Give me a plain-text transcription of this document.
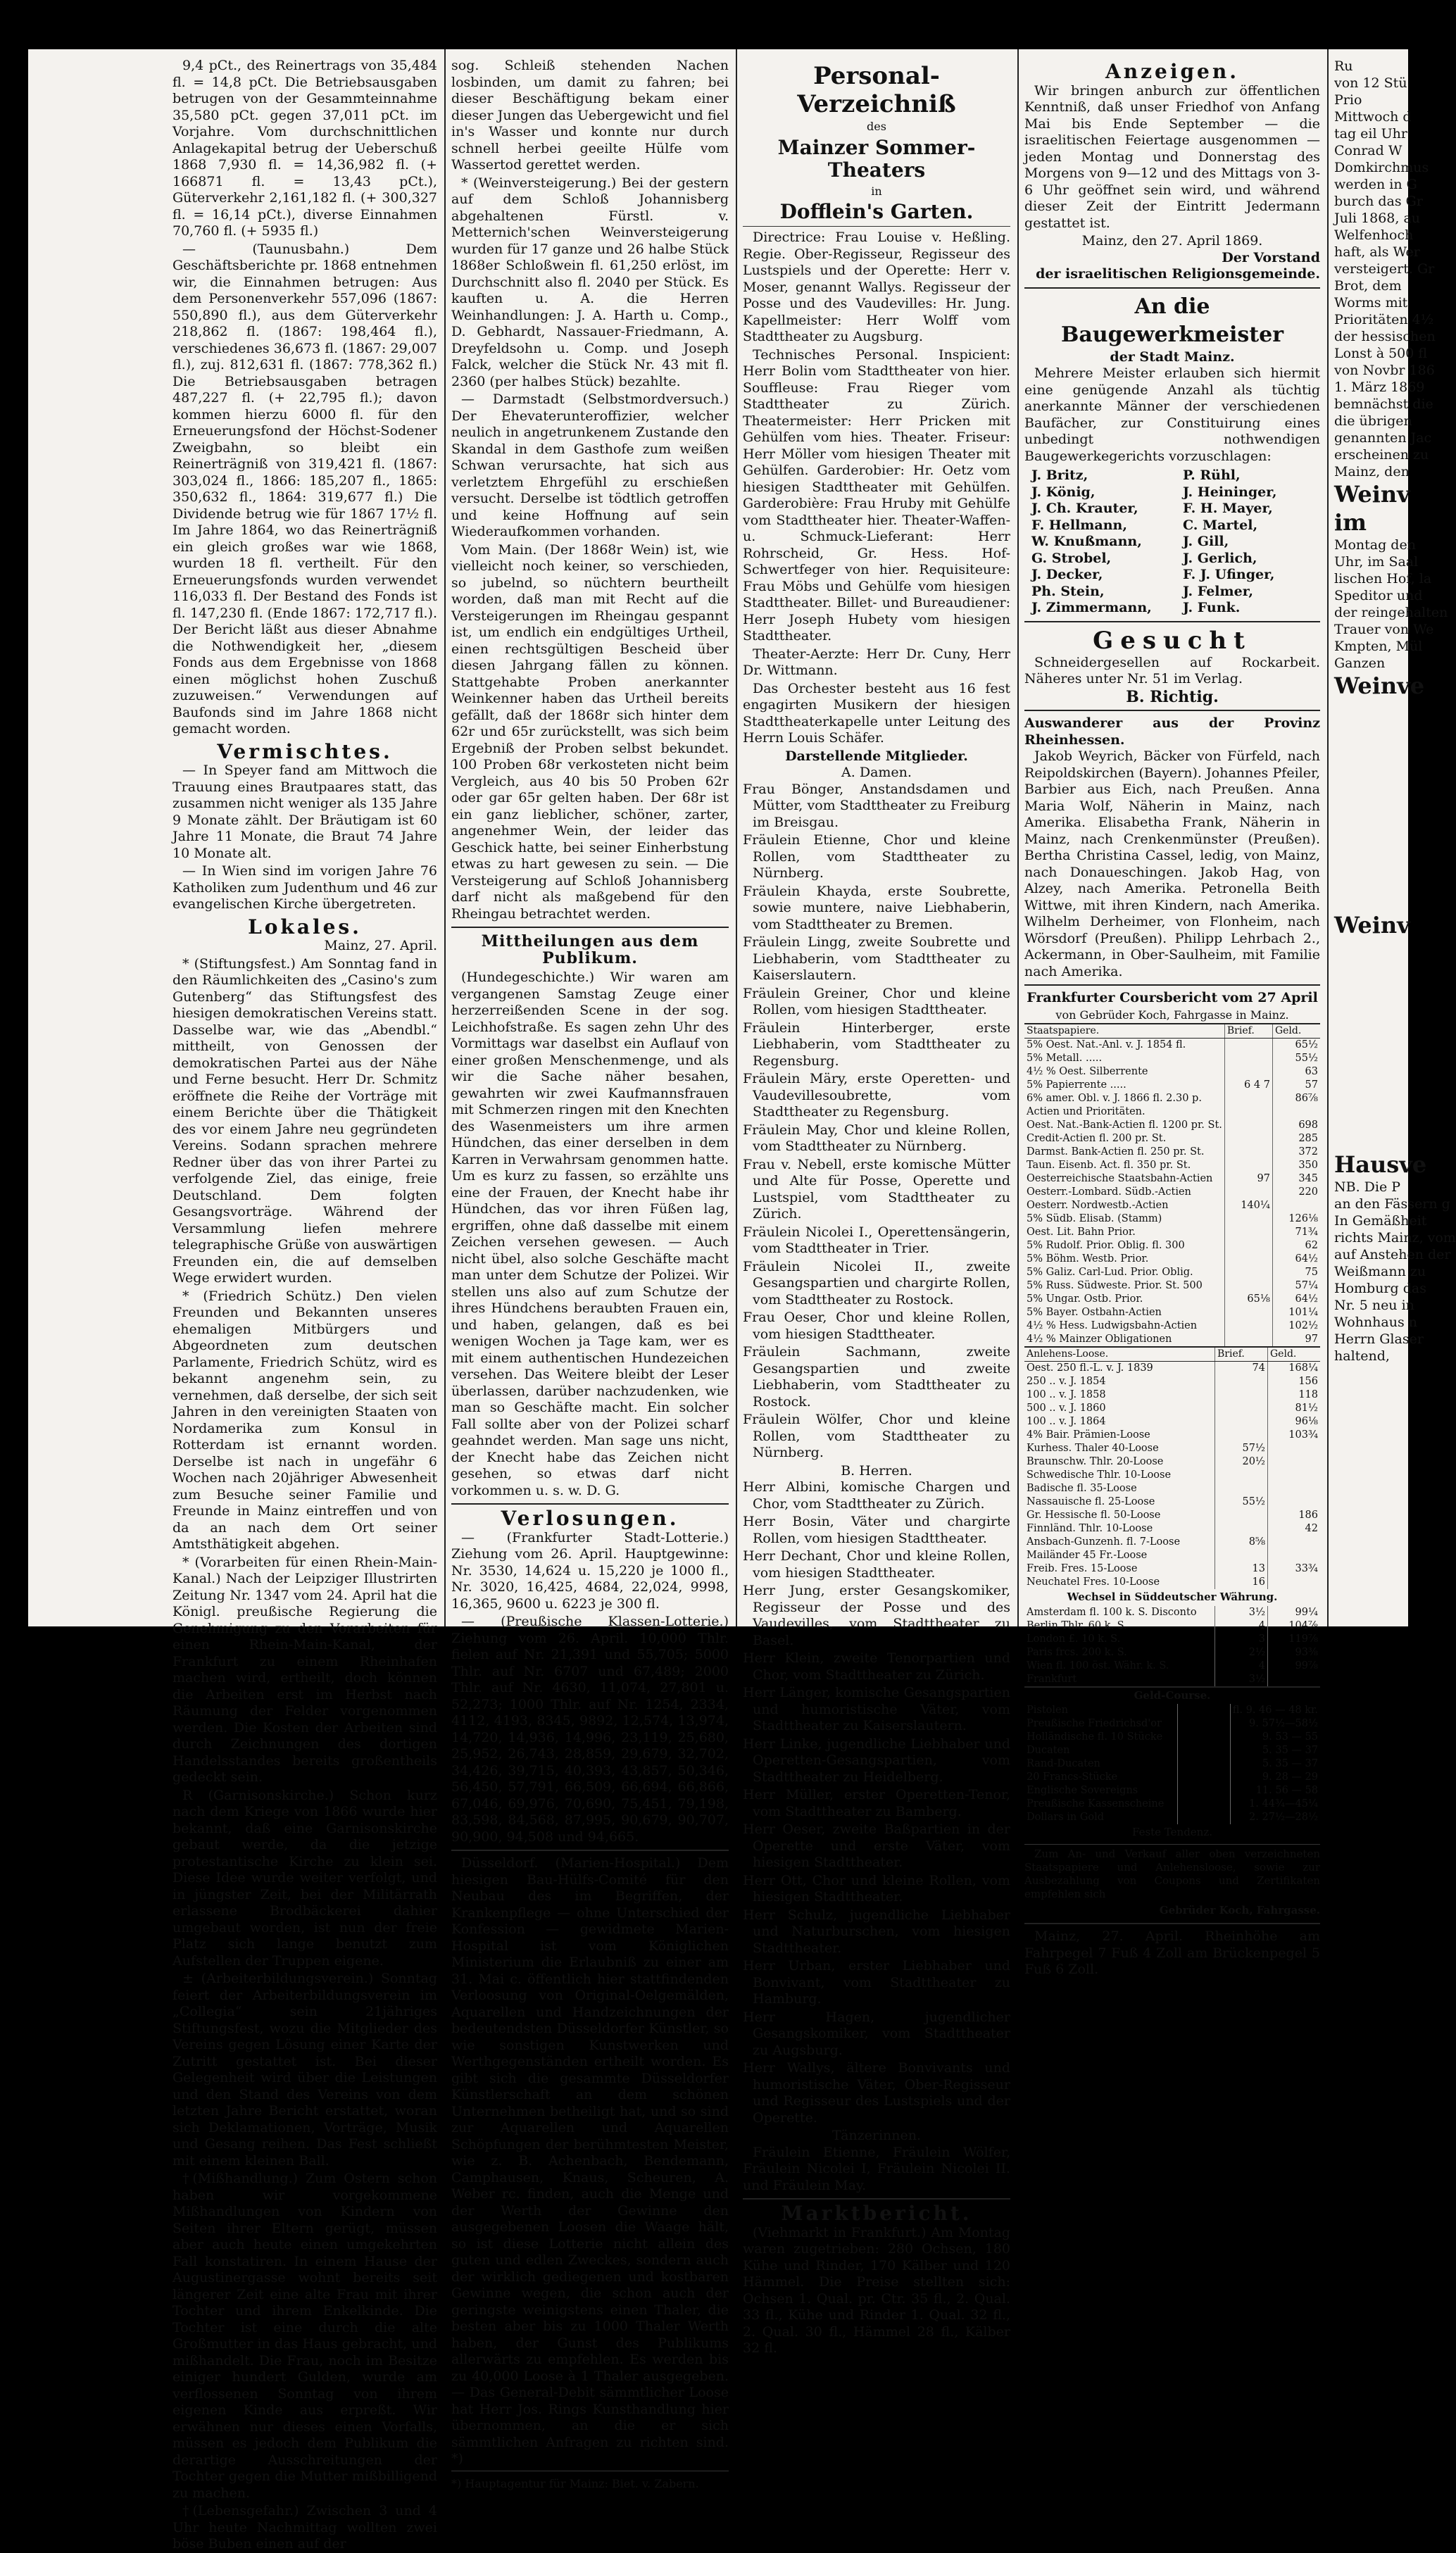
9,4 pCt., des Reinertrags von 35,484 fl. = 14,8 pCt. Die Betriebsausgaben betrugen von der Gesammteinnahme 35,580 pCt. gegen 37,011 pCt. im Vorjahre. Vom durchschnittlichen Anlagekapital betrug der Ueberschuß 1868 7,930 fl. = 14,36,982 fl. (+ 166871 fl. = 13,43 pCt.), Güterverkehr 2,161,182 fl. (+ 300,327 fl. = 16,14 pCt.), diverse Einnahmen 70,760 fl. (+ 5935 fl.)

— (Taunusbahn.) Dem Geschäftsberichte pr. 1868 entnehmen wir, die Einnahmen betrugen: Aus dem Personenverkehr 557,096 (1867: 550,890 fl.), aus dem Güterverkehr 218,862 fl. (1867: 198,464 fl.), verschiedenes 36,673 fl. (1867: 29,007 fl.), zuj. 812,631 fl. (1867: 778,362 fl.) Die Betriebsausgaben betragen 487,227 fl. (+ 22,795 fl.); davon kommen hierzu 6000 fl. für den Erneuerungsfond der Höchst-Sodener Zweigbahn, so bleibt ein Reinerträgniß von 319,421 fl. (1867: 303,024 fl., 1866: 185,207 fl., 1865: 350,632 fl., 1864: 319,677 fl.) Die Dividende betrug wie für 1867 17½ fl. Im Jahre 1864, wo das Reinerträgniß ein gleich großes war wie 1868, wurden 18 fl. vertheilt. Für den Erneuerungsfonds wurden verwendet 116,033 fl. Der Bestand des Fonds ist fl. 147,230 fl. (Ende 1867: 172,717 fl.). Der Bericht läßt aus dieser Abnahme die Nothwendigkeit her, „diesem Fonds aus dem Ergebnisse von 1868 einen möglichst hohen Zuschuß zuzuweisen.“ Verwendungen auf Baufonds sind im Jahre 1868 nicht gemacht worden.

Vermischtes.

— In Speyer fand am Mittwoch die Trauung eines Brautpaares statt, das zusammen nicht weniger als 135 Jahre 9 Monate zählt. Der Bräutigam ist 60 Jahre 11 Monate, die Braut 74 Jahre 10 Monate alt.

— In Wien sind im vorigen Jahre 76 Katholiken zum Judenthum und 46 zur evangelischen Kirche übergetreten.

Lokales.
Mainz, 27. April.

* (Stiftungsfest.) Am Sonntag fand in den Räumlichkeiten des „Casino's zum Gutenberg“ das Stiftungsfest des hiesigen demokratischen Vereins statt. Dasselbe war, wie das „Abendbl.“ mittheilt, von Genossen der demokratischen Partei aus der Nähe und Ferne besucht. Herr Dr. Schmitz eröffnete die Reihe der Vorträge mit einem Berichte über die Thätigkeit des vor einem Jahre neu gegründeten Vereins. Sodann sprachen mehrere Redner über das von ihrer Partei zu verfolgende Ziel, das einige, freie Deutschland. Dem folgten Gesangsvorträge. Während der Versammlung liefen mehrere telegraphische Grüße von auswärtigen Freunden ein, die auf demselben Wege erwidert wurden.

* (Friedrich Schütz.) Den vielen Freunden und Bekannten unseres ehemaligen Mitbürgers und Abgeordneten zum deutschen Parlamente, Friedrich Schütz, wird es bekannt angenehm sein, zu vernehmen, daß derselbe, der sich seit Jahren in den vereinigten Staaten von Nordamerika zum Konsul in Rotterdam ist ernannt worden. Derselbe ist nach in ungefähr 6 Wochen nach 20jähriger Abwesenheit zum Besuche seiner Familie und Freunde in Mainz eintreffen und von da an nach dem Ort seiner Amtsthätigkeit abgehen.

* (Vorarbeiten für einen Rhein-Main-Kanal.) Nach der Leipziger Illustrirten Zeitung Nr. 1347 vom 24. April hat die Königl. preußische Regierung die Genehmigung zu den Vorarbeiten für einen Rhein-Main-Kanal, der Frankfurt zu einem Rheinhafen machen wird, ertheilt, doch können die Arbeiten erst im Herbst nach Räumung der Felder vorgenommen werden. Die Kosten der Arbeiten sind durch Zeichnungen des dortigen Handelsstandes bereits großentheils gedeckt sein.

R (Garnisonskirche.) Schon kurz nach dem Kriege von 1866 wurde hier bekannt, daß eine Garnisonskirche gebaut werde, da die jetzige protestantische Kirche zu klein sei. Diese Idee wurde weiter verfolgt, und in jüngster Zeit, bei der Militärrath erlassene Brodbäckerei dahier umgebaut worden, ist nun der freie Platz sich lange benutzt zum Aufstellen der Truppen eigene.

± (Arbeiterbildungsverein.) Sonntag feiert der Arbeiterbildungsverein im „Collegia“ sein 21jähriges Stiftungsfest, wozu die Mitglieder des Vereins gegen Lösung einer Karte der Zutritt gestattet ist. Bei dieser Gelegenheit wird über die Leistungen und den Stand des Vereins von dem letzten Jahre Bericht erstattet, woran sich Deklamationen, Vorträge, Musik und Gesang reihen. Das Fest schließt mit einem kleinen Ball.

†(Mißhandlung.) Zum Ostern schon haben wir vorgekommene Mißhandlungen von Kindern von Seiten ihrer Eltern gerügt, müssen aber auch heute einen umgekehrten Fall konstatiren. In einem Hause der Augustinergasse wohnt bereits seit längerer Zeit eine alte Frau mit ihrer Tochter und ihrem Enkelkinde. Die Tochter ist eine durch die alte Großmutter in das Haus gebracht, und mißhandelt. Die Frau, noch im Besitze einiger hundert Gulden, wurde am verflossenen Sonntag von ihrem eigenen Kinde aus erpreßt. Wir erwähnen nur dieses einen Vorfalls, müssen es jedoch dem Publikum die derartige Ausschreitungen der Tochter gegen die Mutter mißbilligend zu machen.

†(Lebensgefahr.) Zwischen 3 und 4 Uhr heute Nachmittag wollten zwei böse Buben einen auf der

sog. Schleiß stehenden Nachen losbinden, um damit zu fahren; bei dieser Beschäftigung bekam einer dieser Jungen das Uebergewicht und fiel in's Wasser und konnte nur durch schnell herbei geeilte Hülfe vom Wassertod gerettet werden.

* (Weinversteigerung.) Bei der gestern auf dem Schloß Johannisberg abgehaltenen Fürstl. v. Metternich'schen Weinversteigerung wurden für 17 ganze und 26 halbe Stück 1868er Schloßwein fl. 61,250 erlöst, im Durchschnitt also fl. 2040 per Stück. Es kauften u. A. die Herren Weinhandlungen: J. A. Harth u. Comp., D. Gebhardt, Nassauer-Friedmann, A. Dreyfeldsohn u. Comp. und Joseph Falck, welcher die Stück Nr. 43 mit fl. 2360 (per halbes Stück) bezahlte.

— Darmstadt (Selbstmordversuch.) Der Ehevaterunteroffizier, welcher neulich in angetrunkenem Zustande den Skandal in dem Gasthofe zum weißen Schwan verursachte, hat sich aus verletztem Ehrgefühl zu erschießen versucht. Derselbe ist tödtlich getroffen und keine Hoffnung auf sein Wiederaufkommen vorhanden.

Vom Main. (Der 1868r Wein) ist, wie vielleicht noch keiner, so verschieden, so jubelnd, so nüchtern beurtheilt worden, daß man mit Recht auf die Versteigerungen im Rheingau gespannt ist, um endlich ein endgültiges Urtheil, einen rechtsgültigen Bescheid über diesen Jahrgang fällen zu können. Stattgehabte Proben anerkannter Weinkenner haben das Urtheil bereits gefällt, daß der 1868r sich hinter dem 62r und 65r zurückstellt, was sich beim Ergebniß der Proben selbst bekundet. 100 Proben 68r verkosteten nicht beim Vergleich, aus 40 bis 50 Proben 62r oder gar 65r gelten haben. Der 68r ist ein ganz lieblicher, schöner, zarter, angenehmer Wein, der leider das Geschick hatte, bei seiner Einherbstung etwas zu hart gewesen zu sein. — Die Versteigerung auf Schloß Johannisberg darf nicht als maßgebend für den Rheingau betrachtet werden.

Mittheilungen aus dem Publikum.

(Hundegeschichte.) Wir waren am vergangenen Samstag Zeuge einer herzerreißenden Scene in der sog. Leichhofstraße. Es sagen zehn Uhr des Vormittags war daselbst ein Auflauf von einer großen Menschenmenge, und als wir die Sache näher besahen, gewahrten wir zwei Kaufmannsfrauen mit Schmerzen ringen mit den Knechten des Wasenmeisters um ihre armen Hündchen, das einer derselben in dem Karren in Verwahrsam genommen hatte. Um es kurz zu fassen, so erzählte uns eine der Frauen, der Knecht habe ihr Hündchen, das vor ihren Füßen lag, ergriffen, ohne daß dasselbe mit einem Zeichen versehen gewesen. — Auch nicht übel, also solche Geschäfte macht man unter dem Schutze der Polizei. Wir stellen uns also auf zum Schutze der ihres Hündchens beraubten Frauen ein, und haben, gelangen, daß es bei wenigen Wochen ja Tage kam, wer es mit einem authentischen Hundezeichen versehen. Das Weitere bleibt der Leser überlassen, darüber nachzudenken, wie man so Geschäfte macht. Ein solcher Fall sollte aber von der Polizei scharf geahndet werden. Man sage uns nicht, der Knecht habe das Zeichen nicht gesehen, so etwas darf nicht vorkommen u. s. w. D. G.

Verlosungen.

— (Frankfurter Stadt-Lotterie.) Ziehung vom 26. April. Hauptgewinne: Nr. 3530, 14,624 u. 15,220 je 1000 fl., Nr. 3020, 16,425, 4684, 22,024, 9998, 16,365, 9600 u. 6223 je 300 fl.

— (Preußische Klassen-Lotterie.) Ziehung vom 26. April. 10,000 Thlr. fielen auf Nr. 21,391 und 55,705; 5000 Thlr. auf Nr. 6707 und 67,489; 2000 Thlr. auf Nr. 4630, 11,074, 27,801 u. 52,273; 1000 Thlr. auf Nr. 1254, 2334, 4112, 4193, 8345, 9892, 12,574, 13,974, 14,720, 14,936, 14,996, 23,119, 25,680, 25,952, 26,743, 28,859, 29,679, 32,702, 34,426, 39,715, 40,393, 43,857, 50,346, 56,450, 57,791, 66,509, 66,694, 66,866, 67,046, 69,976, 70,690, 75,451, 79,198, 83,598, 84,568, 87,995, 90,679, 90,707, 90,900, 94,508 und 94,665.

Düsseldorf. (Marien-Hospital.) Dem hiesigen Bau-Hülfs-Comité für den Neubau des im Begriffen, der Krankenpflege — ohne Unterschied der Konfession — gewidmete Marien-Hospital ist vom Königlichen Ministerium die Erlaubniß zu einer am 31. Mai c. öffentlich hier stattfindenden Verloosung von Original-Oelgemälden, Aquarellen und Handzeichnungen der bedeutendsten Düsseldorfer Künstler, so wie sonstigen Kunstwerken und Werthgegenständen ertheilt worden. Es gibt sich die gesammte Düsseldorfer Künstlerschaft an dem schönen Unternehmen betheiligt hat, und so sind zur Aquarellen und Aquarellen Schöpfungen der berühmtesten Meister, wie z. B. Achenbach, Bendemann, Camphausen, Knaus, Scheuren, A. Weber rc. finden, auch die Menge und der Werth der Gewinne den ausgegebenen Loosen die Waage hält, so ist diese Lotterie nicht allein des guten und edlen Zweckes, sondern auch der wirklich gediegenen und kostbaren Gewinne wegen, die schon auch der geringste weinigstens einen Thaler, die besten aber bis zu 1000 Thaler Werth haben, der Gunst des Publikums allerwärts zu empfehlen. Es werden bis zu 40,000 Loose à 1 Thaler ausgegeben. — Das General-Debit sämmtlicher Loose hat Herr Jos. Rings Kunsthandlung hier übernommen, an die er sich sämmtlichen Anfragen zu richten sind. *)

*) Hauptagentur für Mainz: Biet. v. Zabern.
Personal-Verzeichniß
des
Mainzer Sommer-Theaters
in
Dofflein's Garten.

Directrice: Frau Louise v. Heßling. Regie. Ober-Regisseur, Regisseur des Lustspiels und der Operette: Herr v. Moser, genannt Wallys. Regisseur der Posse und des Vaudevilles: Hr. Jung. Kapellmeister: Herr Wolff vom Stadttheater zu Augsburg.

Technisches Personal. Inspicient: Herr Bolin vom Stadttheater von hier. Souffleuse: Frau Rieger vom Stadttheater zu Zürich. Theatermeister: Herr Pricken mit Gehülfen vom hies. Theater. Friseur: Herr Möller vom hiesigen Theater mit Gehülfen. Garderobier: Hr. Oetz vom hiesigen Stadttheater mit Gehülfen. Garderobière: Frau Hruby mit Gehülfe vom Stadttheater hier. Theater-Waffen- u. Schmuck-Lieferant: Herr Rohrscheid, Gr. Hess. Hof-Schwertfeger von hier. Requisiteure: Frau Möbs und Gehülfe vom hiesigen Stadttheater. Billet- und Bureaudiener: Herr Joseph Hubety vom hiesigen Stadttheater.

Theater-Aerzte: Herr Dr. Cuny, Herr Dr. Wittmann.

Das Orchester besteht aus 16 fest engagirten Musikern der hiesigen Stadttheaterkapelle unter Leitung des Herrn Louis Schäfer.

Darstellende Mitglieder.
A. Damen.

Frau Bönger, Anstandsdamen und Mütter, vom Stadttheater zu Freiburg im Breisgau.

Fräulein Etienne, Chor und kleine Rollen, vom Stadttheater zu Nürnberg.

Fräulein Khayda, erste Soubrette, sowie muntere, naive Liebhaberin, vom Stadttheater zu Bremen.

Fräulein Lingg, zweite Soubrette und Liebhaberin, vom Stadttheater zu Kaiserslautern.

Fräulein Greiner, Chor und kleine Rollen, vom hiesigen Stadttheater.

Fräulein Hinterberger, erste Liebhaberin, vom Stadttheater zu Regensburg.

Fräulein Märy, erste Operetten- und Vaudevillesoubrette, vom Stadttheater zu Regensburg.

Fräulein May, Chor und kleine Rollen, vom Stadttheater zu Nürnberg.

Frau v. Nebell, erste komische Mütter und Alte für Posse, Operette und Lustspiel, vom Stadttheater zu Zürich.

Fräulein Nicolei I., Operettensängerin, vom Stadttheater in Trier.

Fräulein Nicolei II., zweite Gesangspartien und chargirte Rollen, vom Stadttheater zu Rostock.

Frau Oeser, Chor und kleine Rollen, vom hiesigen Stadttheater.

Fräulein Sachmann, zweite Gesangspartien und zweite Liebhaberin, vom Stadttheater zu Rostock.

Fräulein Wölfer, Chor und kleine Rollen, vom Stadttheater zu Nürnberg.

B. Herren.

Herr Albini, komische Chargen und Chor, vom Stadttheater zu Zürich.

Herr Bosin, Väter und chargirte Rollen, vom hiesigen Stadttheater.

Herr Dechant, Chor und kleine Rollen, vom hiesigen Stadttheater.

Herr Jung, erster Gesangskomiker, Regisseur der Posse und des Vaudevilles, vom Stadttheater zu Basel.

Herr Klein, zweite Tenorpartien und Chor, vom Stadttheater zu Zürich.

Herr Länger, komische Gesangspartien und humoristische Väter, vom Stadttheater zu Kaiserslautern.

Herr Linke, jugendliche Liebhaber und Operetten-Gesangspartien, vom Stadttheater zu Heidelberg.

Herr Müller, erster Operetten-Tenor, vom Stadttheater zu Bamberg.

Herr Oeser, zweite Baßpartien in der Operette und erste Väter, vom hiesigen Stadttheater.

Herr Ott, Chor und kleine Rollen, vom hiesigen Stadttheater.

Herr Schulz, jugendliche Liebhaber und Naturburschen, vom hiesigen Stadttheater.

Herr Urban, erster Liebhaber und Bonvivant, vom Stadttheater zu Hamburg.

Herr Hagen, jugendlicher Gesangskomiker, vom Stadttheater zu Augsburg.

Herr Wallys, ältere Bonvivants und humoristische Väter, Ober-Regisseur und Regisseur des Lustspiels und der Operette.

Tänzerinnen.

Fräulein Etienne, Fräulein Wölfer, Fräulein Nicolei I, Fräulein Nicolei II. und Fräulein May.

Marktbericht.

(Viehmarkt in Frankfurt.) Am Montag waren zugetrieben: 280 Ochsen, 180 Kühe und Rinder, 170 Kälber und 120 Hämmel. Die Preise stellten sich: Ochsen 1. Qual. pr. Ctr. 35 fl., 2. Qual. 33 fl., Kühe und Rinder 1. Qual. 32 fl., 2. Qual. 30 fl., Hämmel 28 fl., Kälber 32 fl.

Anzeigen.

Wir bringen anburch zur öffentlichen Kenntniß, daß unser Friedhof von Anfang Mai bis Ende September — die israelitischen Feiertage ausgenommen — jeden Montag und Donnerstag des Morgens von 9—12 und des Mittags von 3-6 Uhr geöffnet sein wird, und während dieser Zeit der Eintritt Jedermann gestattet ist.

Mainz, den 27. April 1869.
Der Vorstand
der israelitischen Religionsgemeinde.
An die Baugewerkmeister
der Stadt Mainz.

Mehrere Meister erlauben sich hiermit eine genügende Anzahl als tüchtig anerkannte Männer der verschiedenen Baufächer, zur Constituirung eines unbedingt nothwendigen Baugewerkegerichts vorzuschlagen:

J. Britz,	P. Rühl,
J. König,	J. Heininger,
J. Ch. Krauter,	F. H. Mayer,
F. Hellmann,	C. Martel,
W. Knußmann,	J. Gill,
G. Strobel,	J. Gerlich,
J. Decker,	F. J. Ufinger,
Ph. Stein,	J. Felmer,
J. Zimmermann,	J. Funk.
Gesucht

Schneidergesellen auf Rockarbeit. Näheres unter Nr. 51 im Verlag.

B. Richtig.
Auswanderer aus der Provinz Rheinhessen.

Jakob Weyrich, Bäcker von Fürfeld, nach Reipoldskirchen (Bayern). Johannes Pfeiler, Barbier aus Eich, nach Preußen. Anna Maria Wolf, Näherin in Mainz, nach Amerika. Elisabetha Frank, Näherin in Mainz, nach Crenkenmünster (Preußen). Bertha Christina Cassel, ledig, von Mainz, nach Donaueschingen. Jakob Hag, von Alzey, nach Amerika. Petronella Beith Wittwe, mit ihren Kindern, nach Amerika. Wilhelm Derheimer, von Flonheim, nach Wörsdorf (Preußen). Philipp Lehrbach 2., Ackermann, in Ober-Saulheim, mit Familie nach Amerika.

Frankfurter Coursbericht vom 27 April
von Gebrüder Koch, Fahrgasse in Mainz.
Staatspapiere.	Brief.	Geld.
5% Oest. Nat.-Anl. v. J. 1854 fl.		65½
5% Metall. .....		55½
4½ % Oest. Silberrente		63
5% Papierrente .....	6 4 7	57
6% amer. Obl. v. J. 1866 fl. 2.30 p.		86⅞
Actien und Prioritäten.		
Oest. Nat.-Bank-Actien fl. 1200 pr. St.		698
Credit-Actien fl. 200 pr. St.		285
Darmst. Bank-Actien fl. 250 pr. St.		372
Taun. Eisenb. Act. fl. 350 pr. St.		350
Oesterreichische Staatsbahn-Actien	97	345
Oesterr.-Lombard. Südb.-Actien		220
Oesterr. Nordwestb.-Actien	140¼	
5% Südb. Elisab. (Stamm)		126⅛
Oest. Lit. Bahn Prior.		71¾
5% Rudolf. Prior. Oblig. fl. 300		62
5% Böhm. Westb. Prior.		64½
5% Galiz. Carl-Lud. Prior. Oblig.		75
5% Russ. Südweste. Prior. St. 500		57¼
5% Ungar. Ostb. Prior.	65⅛	64½
5% Bayer. Ostbahn-Actien		101¼
4½ % Hess. Ludwigsbahn-Actien		102½
4½ % Mainzer Obligationen		97
Anlehens-Loose.	Brief.	Geld.
Oest. 250 fl.-L. v. J. 1839	74	168¼
250 .. v. J. 1854		156
100 .. v. J. 1858		118
500 .. v. J. 1860		81½
100 .. v. J. 1864		96⅛
4% Bair. Prämien-Loose		103¾
Kurhess. Thaler 40-Loose	57½	
Braunschw. Thlr. 20-Loose	20½	
Schwedische Thlr. 10-Loose		
Badische fl. 35-Loose		
Nassauische fl. 25-Loose	55½	
Gr. Hessische fl. 50-Loose		186
Finnländ. Thlr. 10-Loose		42
Ansbach-Gunzenh. fl. 7-Loose	8⅝	
Mailänder 45 Fr.-Loose		
Freib. Fres. 15-Loose	13	33¾
Neuchatel Fres. 10-Loose	16	
Wechsel in Süddeutscher Währung.
Amsterdam fl. 100 k. S. Disconto	3½	99¼
Berlin Thlr. 60 k. S.	4	104⅞
London £. 10 k. S.	3	119⅞
Paris frcs. 200 k. S.	2½	93⅜
Wien fl. 100 öst. Währ. k. S.	4	99⅞
Frankfurt	3½	
Geld-Course.
Pistolen		fl. 9. 46 — 48 kr.
Preußische Friedrichsd'or		9. 57½—58½
Holländische fl. 10 Stücke		9. 53 — 55
Ducaten		5. 35 — 37
Rand-Ducaten		5. 35 — 37
20 Francs-Stücke		9. 28 — 29
Englische Sovereigns		11. 56 — 58
Preußische Kassenscheine		1. 44¾—45¼
Dollars in Gold		2. 27½—28½
Feste Tendenz.

Zum An- und Verkauf aller oben verzeichneten Staatspapiere und Anlehensloose, sowie zur Ausbezahlung von Coupons und Zertifikaten empfehlen sich

Gebrüder Koch, Fahrgasse.

Mainz, 27. April. Rheinhöhe am Fahrpegel 7 Fuß 4 Zoll am Brückenpegel 5 Fuß 6 Zoll.

Ru
von 12 Stü
Prio
Mittwoch d
tag eil Uhr
Conrad W
Domkirchmus
werden in G
burch das Gr
Juli 1868, au
Welfenhoch
haft, als Wer
versteigert. Gr
Brot, dem
Worms mit
Prioritäten 4½
der hessischen
Lonst à 500 fl
von Novbr 186
1. März 1869
bemnächst die
die übrigen
genannten Jac
erscheinen zu
Mainz, den
Weinv
im
Montag den
Uhr, im Saal
lischen Hof, la
Speditor und
der reingehalten
Trauer von We
Kmpten, Mül
Ganzen
Weinve
Weinv
Hausve
NB. Die P
an den Fässern g
In Gemäßheit
richts Mainz, vom
auf Anstehen der
Weißmann zu
Homburg das
Nr. 5 neu in
Wohnhaus n
Herrn Glaser
haltend,
